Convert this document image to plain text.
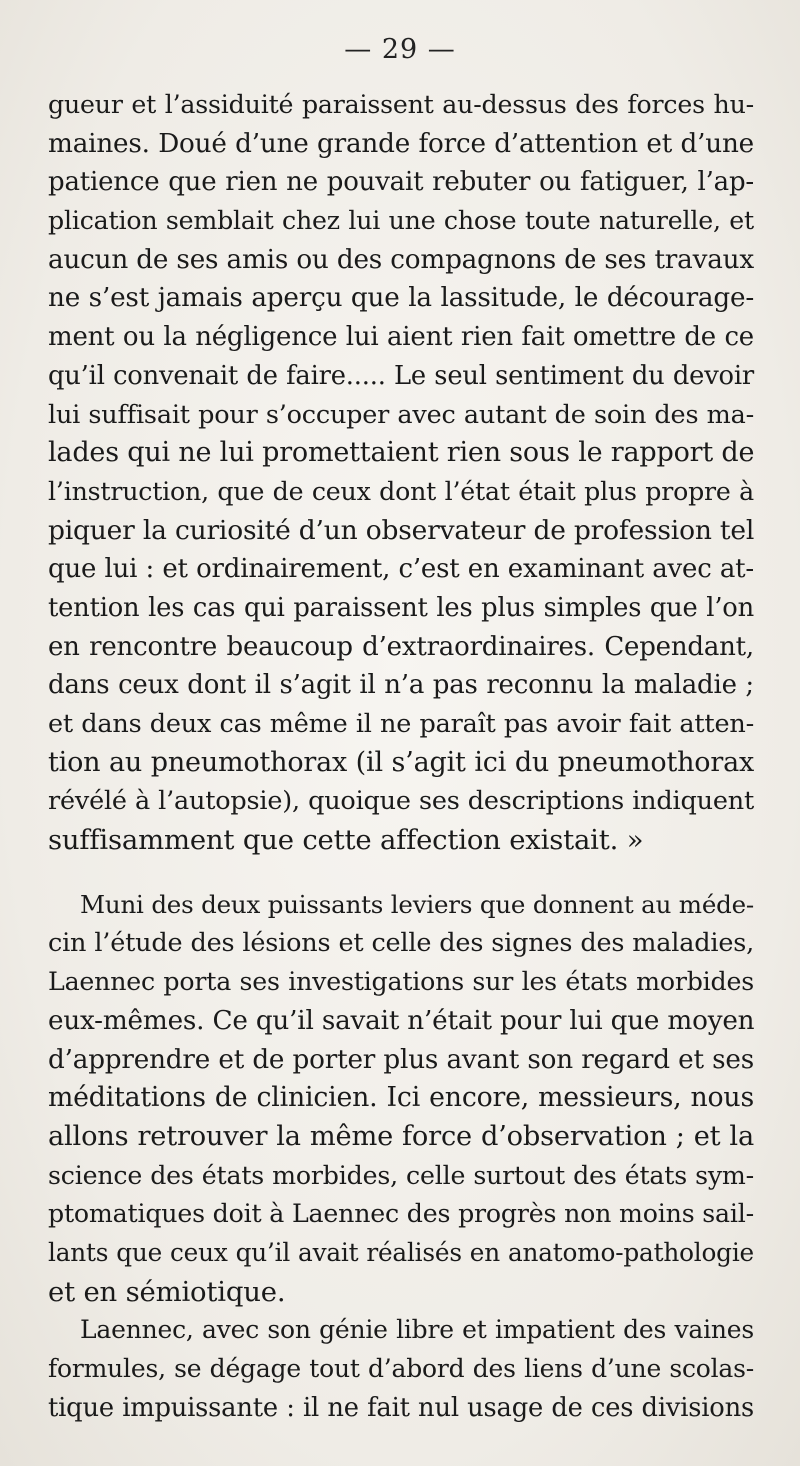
— 29 —
gueur et l’assiduité paraissent au-dessus des forces hu-
maines. Doué d’une grande force d’attention et d’une
patience que rien ne pouvait rebuter ou fatiguer, l’ap-
plication semblait chez lui une chose toute naturelle, et
aucun de ses amis ou des compagnons de ses travaux
ne s’est jamais aperçu que la lassitude, le décourage-
ment ou la négligence lui aient rien fait omettre de ce
qu’il convenait de faire..... Le seul sentiment du devoir
lui suffisait pour s’occuper avec autant de soin des ma-
lades qui ne lui promettaient rien sous le rapport de
l’instruction, que de ceux dont l’état était plus propre à
piquer la curiosité d’un observateur de profession tel
que lui : et ordinairement, c’est en examinant avec at-
tention les cas qui paraissent les plus simples que l’on
en rencontre beaucoup d’extraordinaires. Cependant,
dans ceux dont il s’agit il n’a pas reconnu la maladie ;
et dans deux cas même il ne paraît pas avoir fait atten-
tion au pneumothorax (il s’agit ici du pneumothorax
révélé à l’autopsie), quoique ses descriptions indiquent
suffisamment que cette affection existait. »
Muni des deux puissants leviers que donnent au méde-
cin l’étude des lésions et celle des signes des maladies,
Laennec porta ses investigations sur les états morbides
eux-mêmes. Ce qu’il savait n’était pour lui que moyen
d’apprendre et de porter plus avant son regard et ses
méditations de clinicien. Ici encore, messieurs, nous
allons retrouver la même force d’observation ; et la
science des états morbides, celle surtout des états sym-
ptomatiques doit à Laennec des progrès non moins sail-
lants que ceux qu’il avait réalisés en anatomo-pathologie
et en sémiotique.
Laennec, avec son génie libre et impatient des vaines
formules, se dégage tout d’abord des liens d’une scolas-
tique impuissante : il ne fait nul usage de ces divisions
